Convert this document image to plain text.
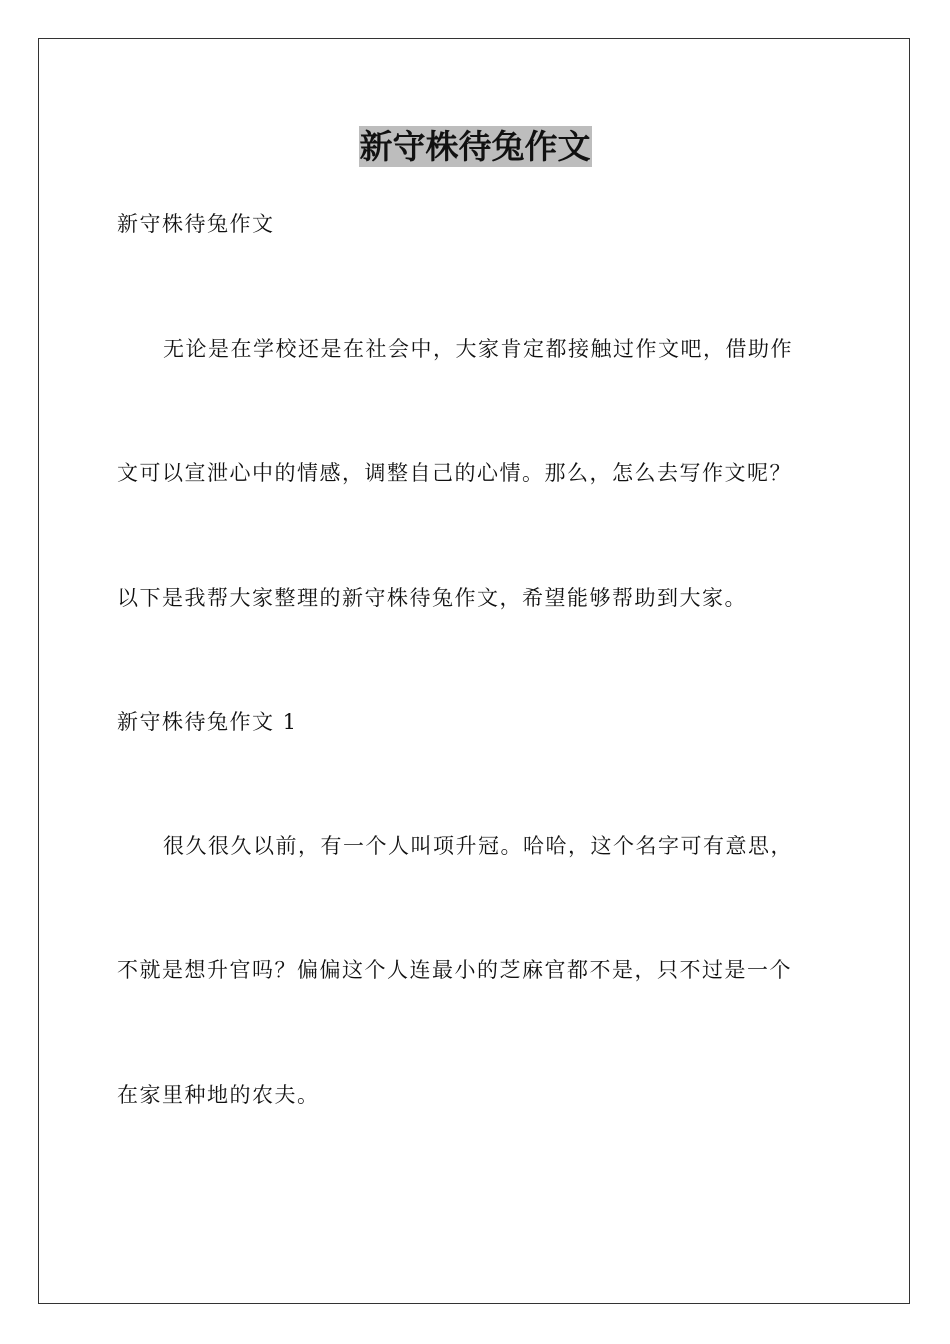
新守株待兔作文
新守株待兔作文
无论是在学校还是在社会中，大家肯定都接触过作文吧，借助作
文可以宣泄心中的情感，调整自己的心情。那么，怎么去写作文呢？
以下是我帮大家整理的新守株待兔作文，希望能够帮助到大家。
新守株待兔作文 1
很久很久以前，有一个人叫项升冠。哈哈，这个名字可有意思，
不就是想升官吗？偏偏这个人连最小的芝麻官都不是，只不过是一个
在家里种地的农夫。
